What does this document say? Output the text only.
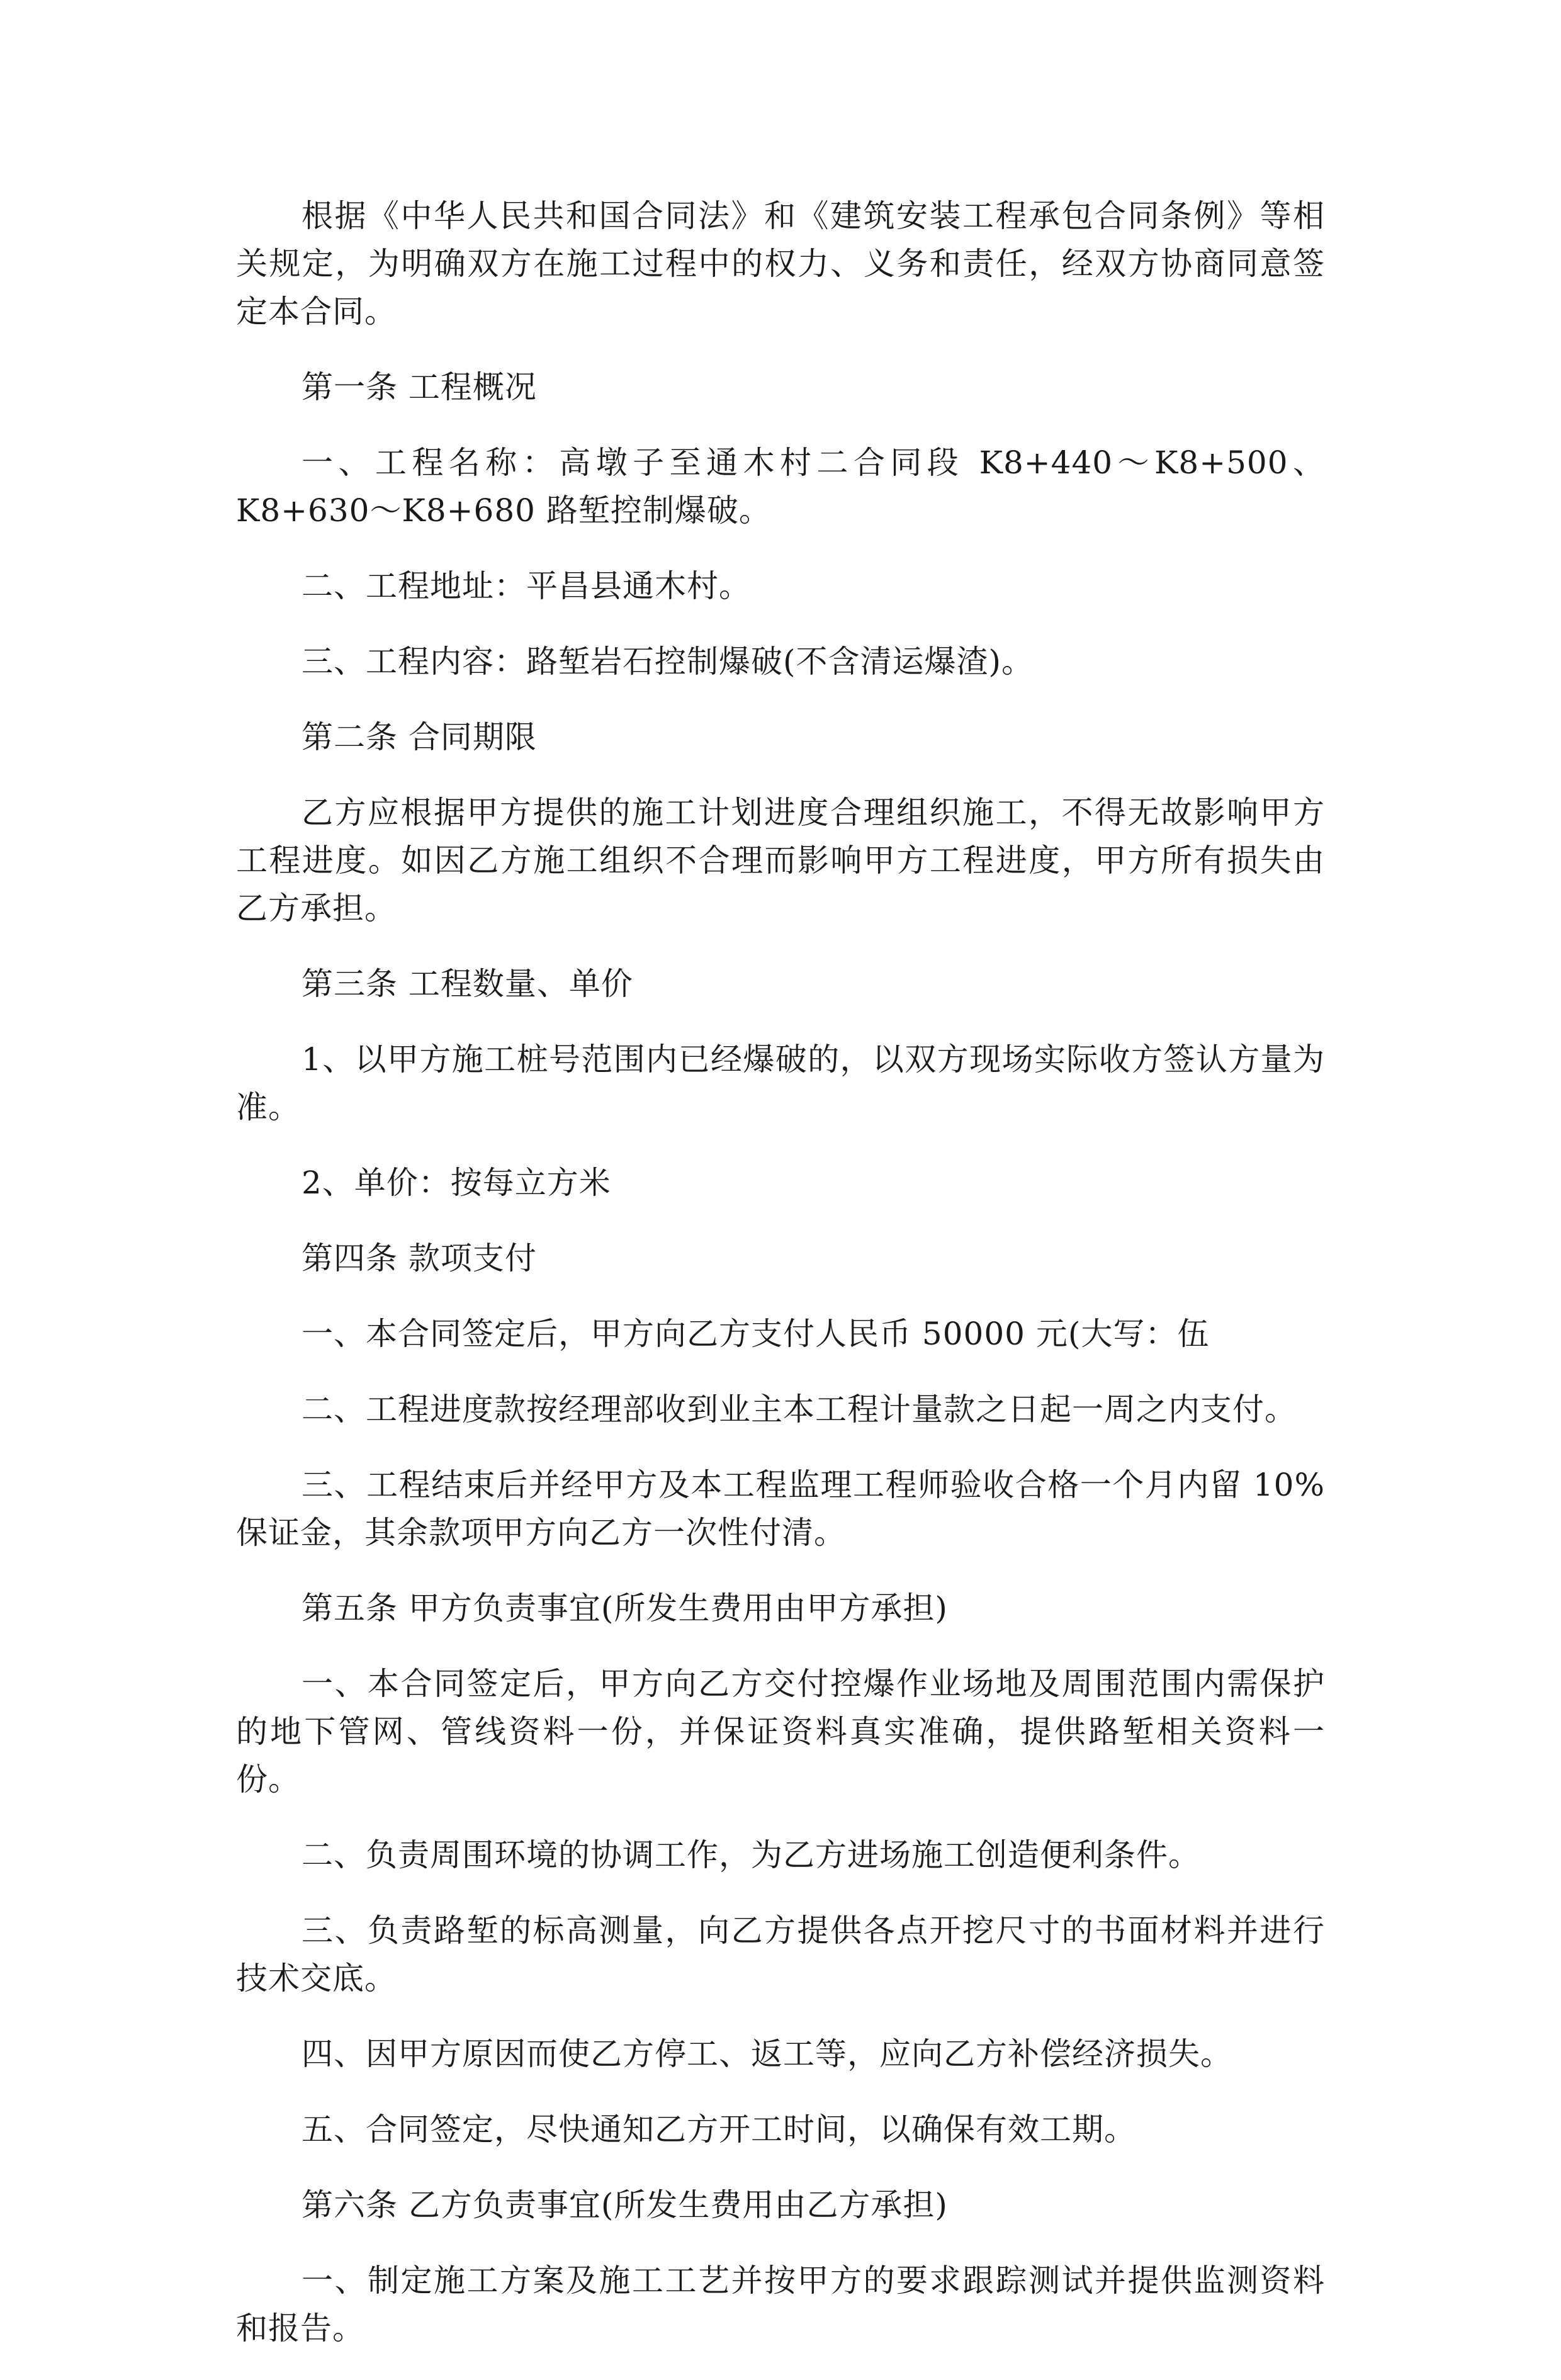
根据《中华人民共和国合同法》和《建筑安装工程承包合同条例》等相关规定，为明确双方在施工过程中的权力、义务和责任，经双方协商同意签定本合同。

第一条 工程概况

一、工程名称：高墩子至通木村二合同段 K8+440～K8+500、K8+630～K8+680 路堑控制爆破。

二、工程地址：平昌县通木村。

三、工程内容：路堑岩石控制爆破(不含清运爆渣)。

第二条 合同期限

乙方应根据甲方提供的施工计划进度合理组织施工，不得无故影响甲方工程进度。如因乙方施工组织不合理而影响甲方工程进度，甲方所有损失由乙方承担。

第三条 工程数量、单价

1、以甲方施工桩号范围内已经爆破的，以双方现场实际收方签认方量为准。

2、单价：按每立方米

第四条 款项支付

一、本合同签定后，甲方向乙方支付人民币 50000 元(大写：伍

二、工程进度款按经理部收到业主本工程计量款之日起一周之内支付。

三、工程结束后并经甲方及本工程监理工程师验收合格一个月内留 10%保证金，其余款项甲方向乙方一次性付清。

第五条 甲方负责事宜(所发生费用由甲方承担)

一、本合同签定后，甲方向乙方交付控爆作业场地及周围范围内需保护的地下管网、管线资料一份，并保证资料真实准确，提供路堑相关资料一份。

二、负责周围环境的协调工作，为乙方进场施工创造便利条件。

三、负责路堑的标高测量，向乙方提供各点开挖尺寸的书面材料并进行技术交底。

四、因甲方原因而使乙方停工、返工等，应向乙方补偿经济损失。

五、合同签定，尽快通知乙方开工时间，以确保有效工期。

第六条 乙方负责事宜(所发生费用由乙方承担)

一、制定施工方案及施工工艺并按甲方的要求跟踪测试并提供监测资料和报告。
